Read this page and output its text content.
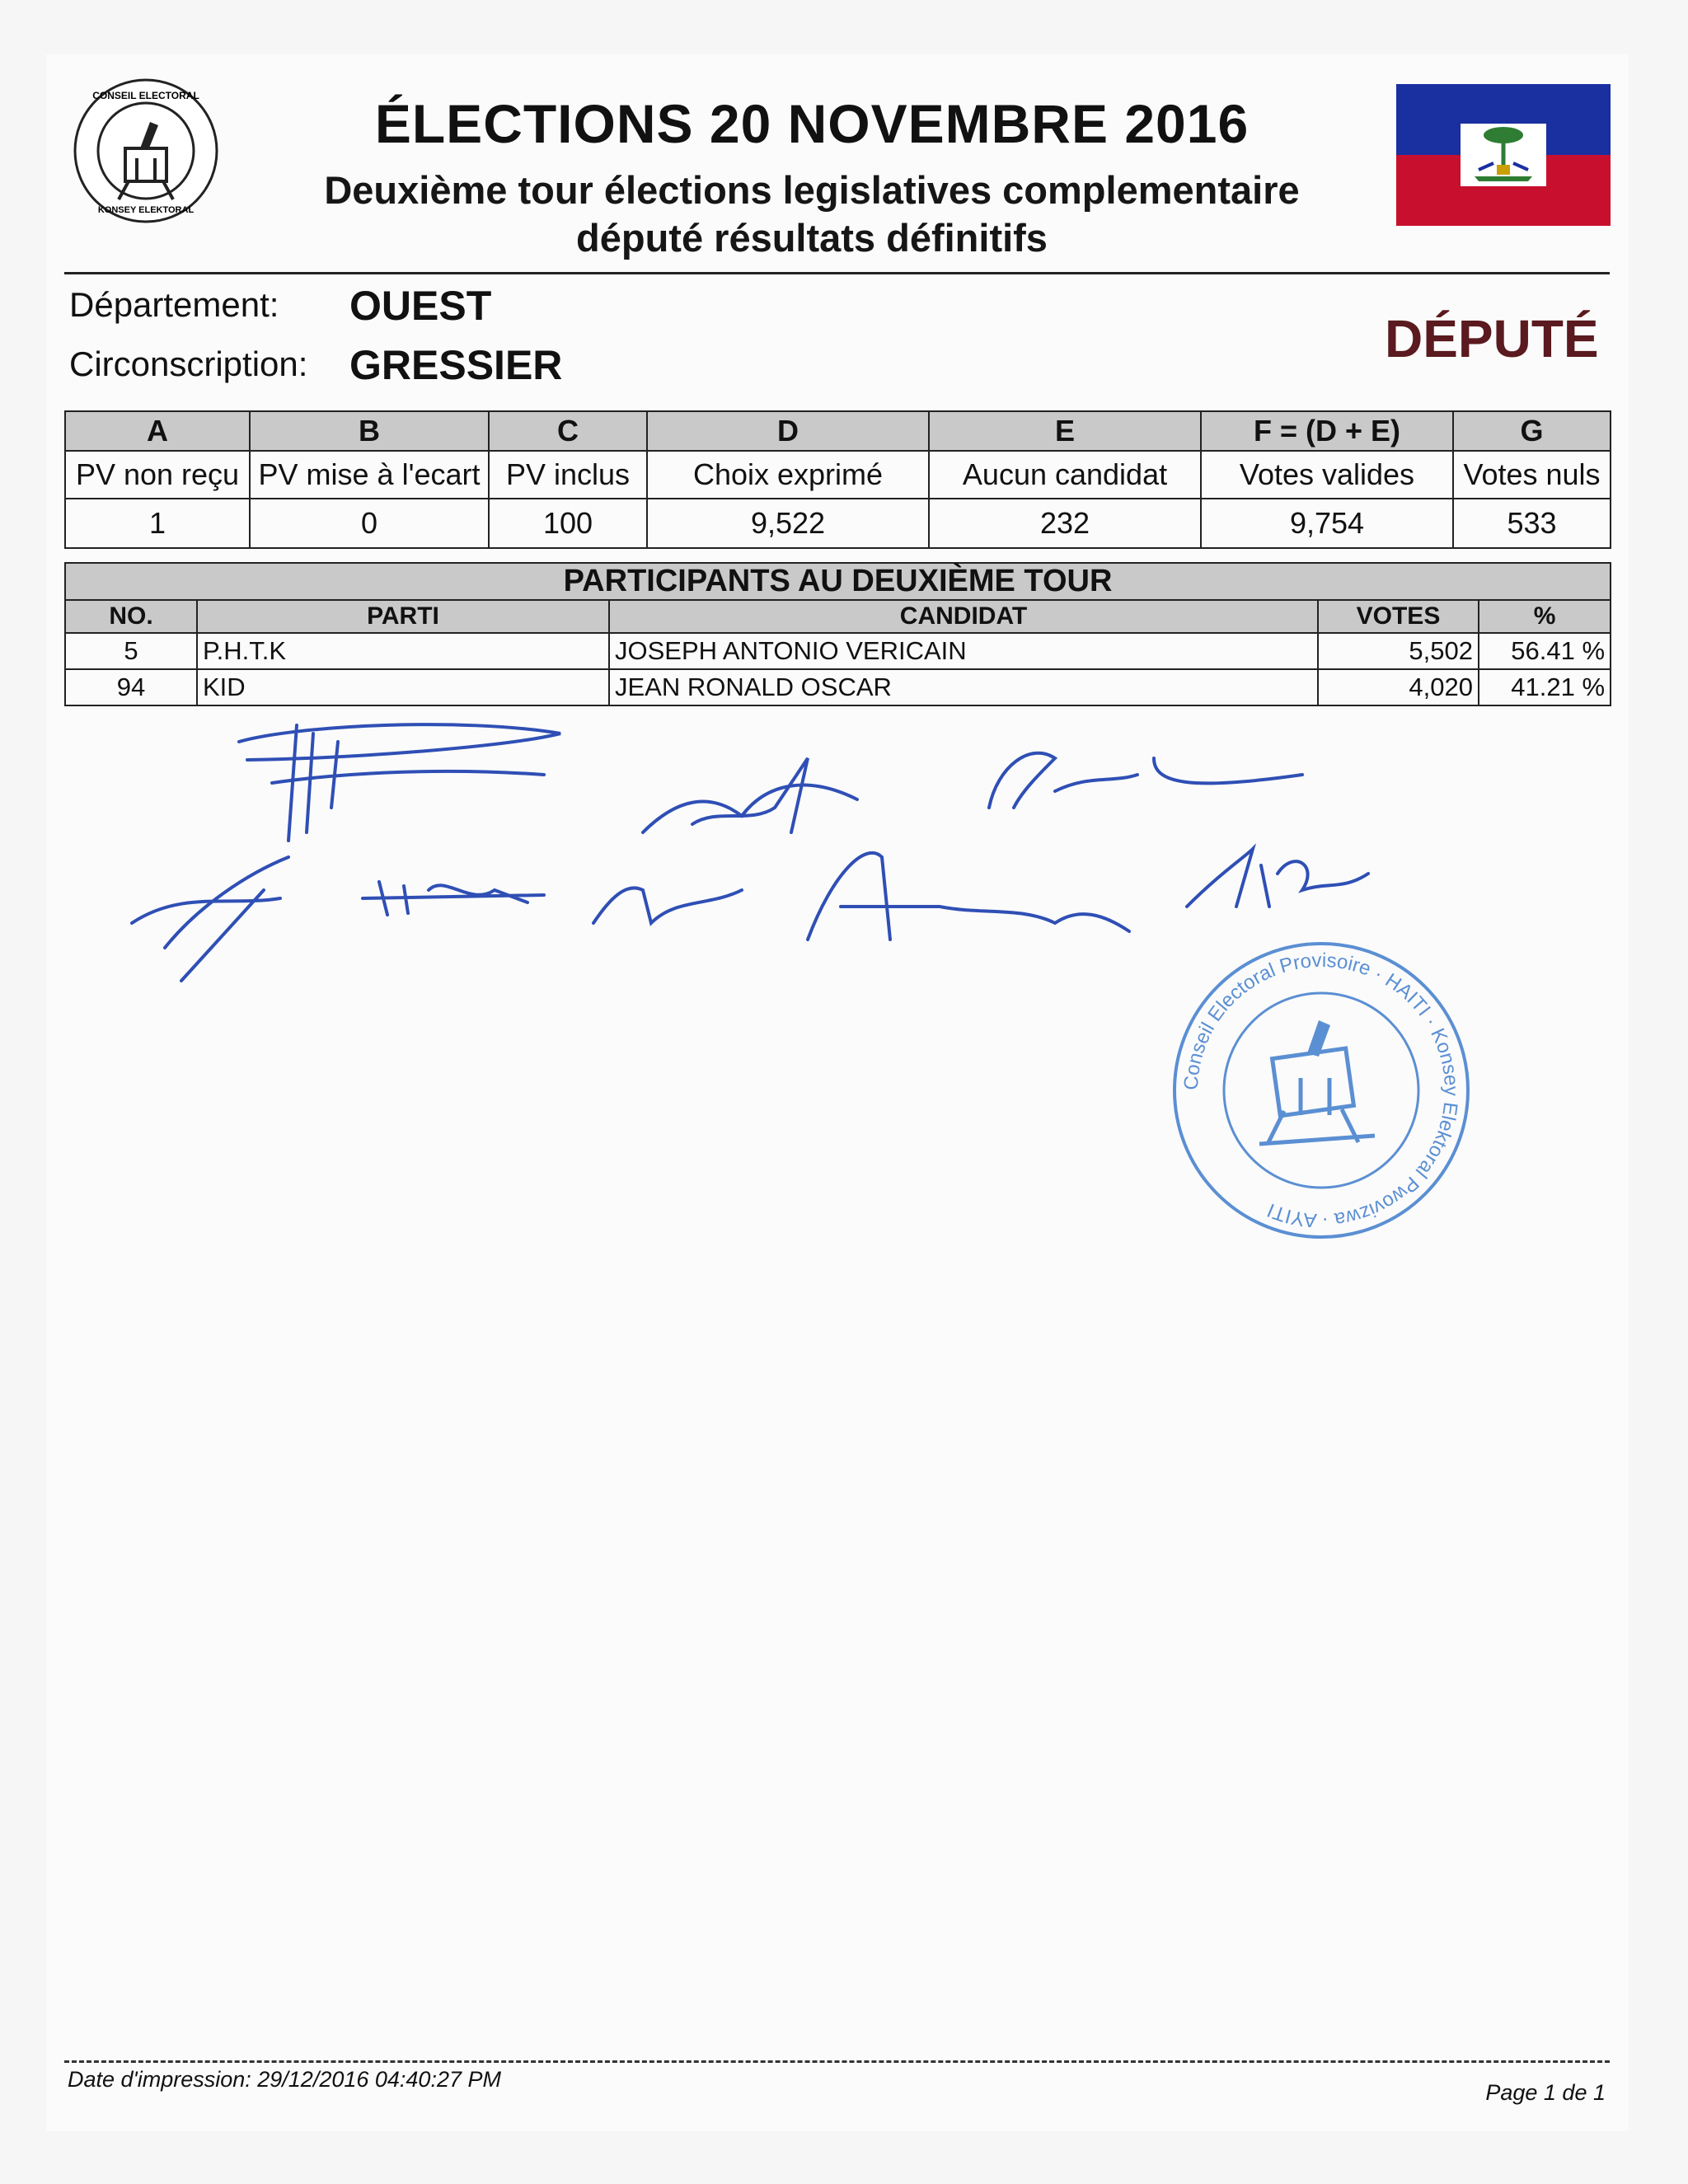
CONSEIL ELECTORAL
KONSEY ELEKTORAL
ÉLECTIONS 20 NOVEMBRE 2016
Deuxième tour élections legislatives complementaire
député résultats définitifs
Département: OUEST
Circonscription: GRESSIER	DÉPUTÉ
A	B	C	D	E	F = (D + E)	G
PV non reçu	PV mise à l'ecart	PV inclus	Choix exprimé	Aucun candidat	Votes valides	Votes nuls
1	0	100	9,522	232	9,754	533
PARTICIPANTS AU DEUXIÈME TOUR				
NO.	PARTI	CANDIDAT	VOTES	%
5	P.H.T.K	JOSEPH ANTONIO VERICAIN	5,502	56.41 %
94	KID	JEAN RONALD OSCAR	4,020	41.21 %
Conseil Electoral Provisoire · HAITI · Konsey Elektoral Pwovizwa · AYITI
Date d'impression: 29/12/2016 04:40:27 PM
Page 1 de 1
